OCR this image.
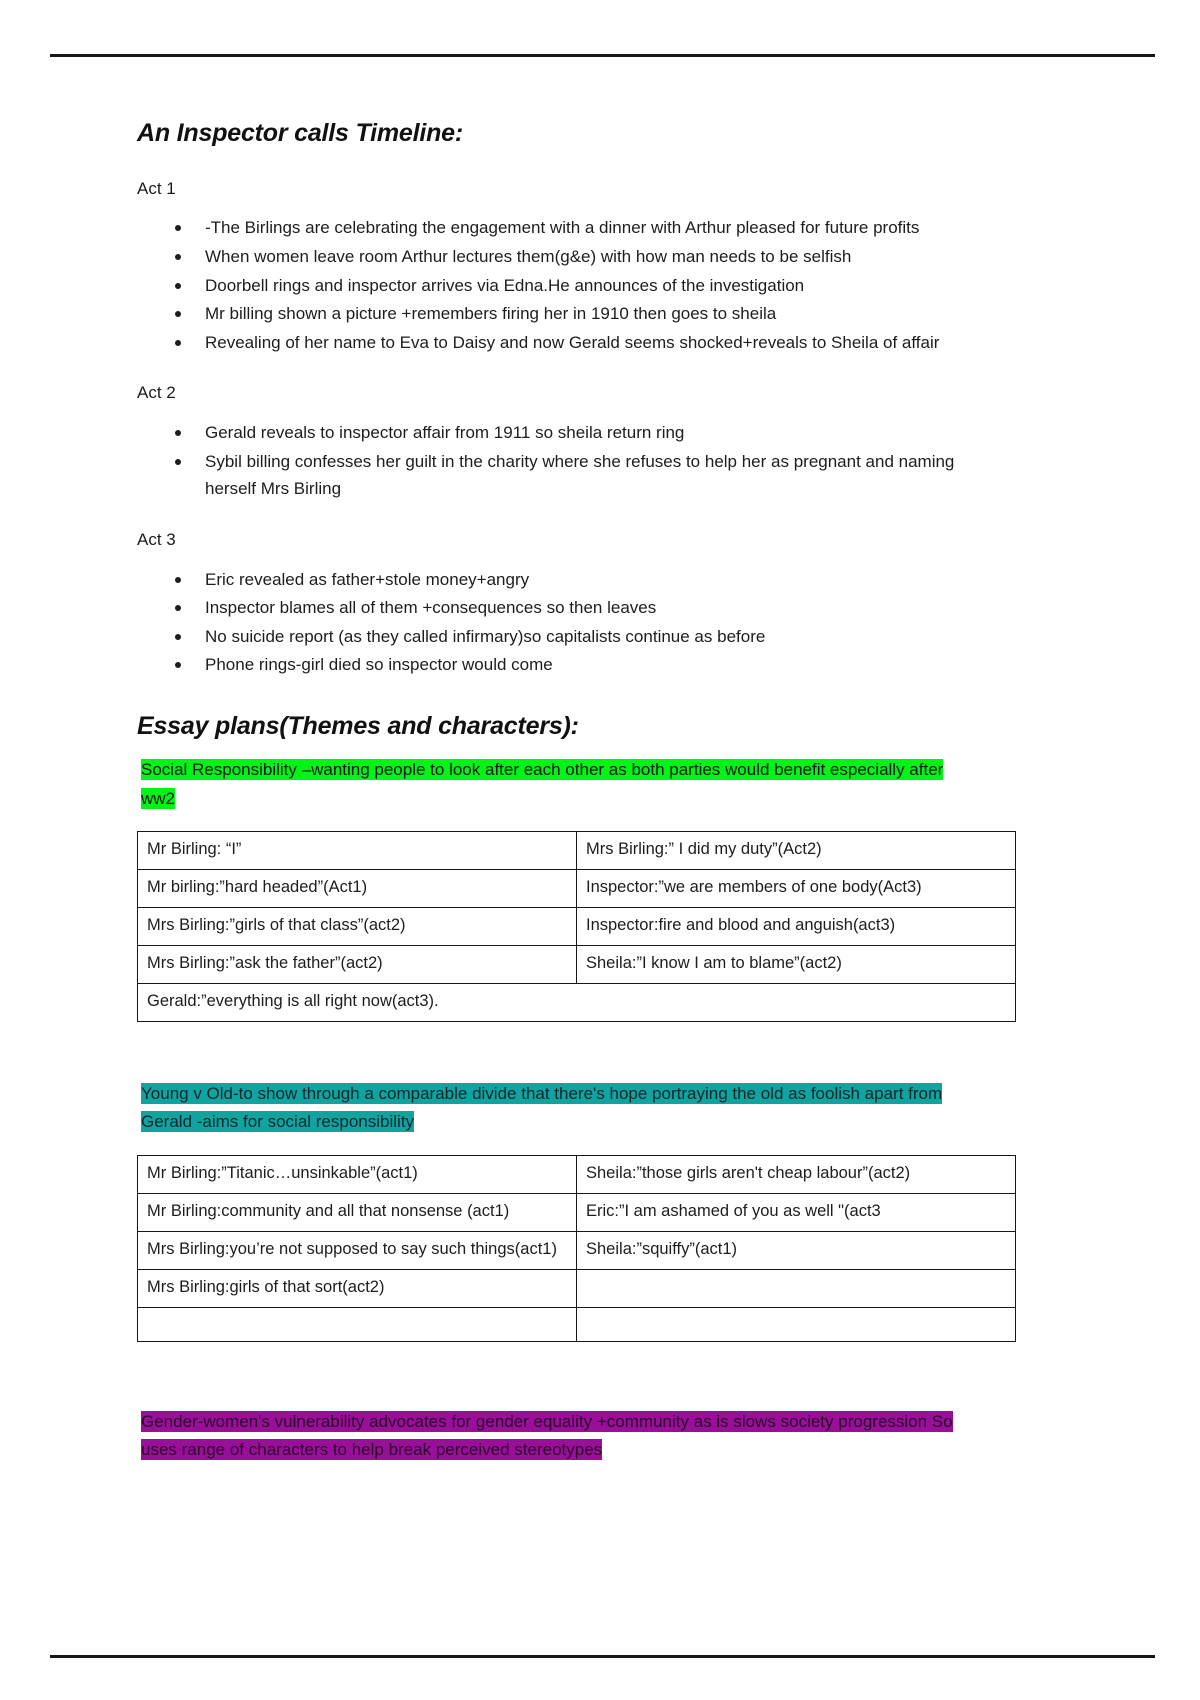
An Inspector calls Timeline:

Act 1

-The Birlings are celebrating the engagement with a dinner with Arthur pleased for future profits
When women leave room Arthur lectures them(g&e) with how man needs to be selfish
Doorbell rings and inspector arrives via Edna.He announces of the investigation
Mr billing shown a picture +remembers firing her in 1910 then goes to sheila
Revealing of her name to Eva to Daisy and now Gerald seems shocked+reveals to Sheila of affair

Act 2

Gerald reveals to inspector affair from 1911 so sheila return ring
Sybil billing confesses her guilt in the charity where she refuses to help her as pregnant and naming herself Mrs Birling

Act 3

Eric revealed as father+stole money+angry
Inspector blames all of them +consequences so then leaves
No suicide report (as they called infirmary)so capitalists continue as before
Phone rings-girl died so inspector would come
Essay plans(Themes and characters):

Social Responsibility –wanting people to look after each other as both parties would benefit especially after ww2

Mr Birling: “I”	Mrs Birling:” I did my duty”(Act2)
Mr birling:”hard headed”(Act1)	Inspector:”we are members of one body(Act3)
Mrs Birling:”girls of that class”(act2)	Inspector:fire and blood and anguish(act3)
Mrs Birling:”ask the father”(act2)	Sheila:”I know I am to blame”(act2)
Gerald:”everything is all right now(act3).	

Young v Old-to show through a comparable divide that there's hope portraying the old as foolish apart from Gerald -aims for social responsibility

Mr Birling:”Titanic…unsinkable”(act1)	Sheila:”those girls aren't cheap labour”(act2)
Mr Birling:community and all that nonsense (act1)	Eric:”I am ashamed of you as well "(act3
Mrs Birling:you’re not supposed to say such things(act1)	Sheila:”squiffy”(act1)
Mrs Birling:girls of that sort(act2)	

Gender-women's vulnerability advocates for gender equality +community as is slows society progression So uses range of characters to help break perceived stereotypes
